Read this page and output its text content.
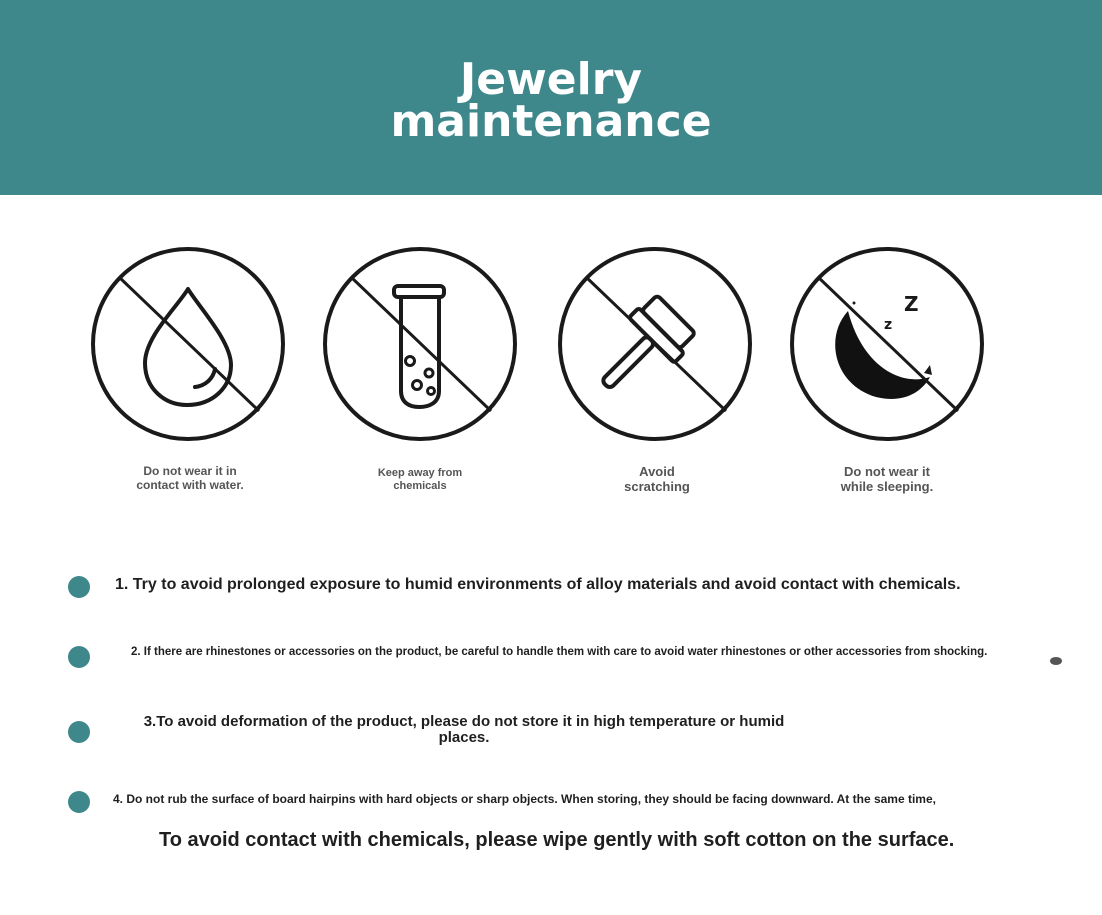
Jewelry
maintenance
Z
z
Do not wear it in
contact with water.
Keep away from
chemicals
Avoid
scratching
Do not wear it
while sleeping.
1. Try to avoid prolonged exposure to humid environments of alloy materials and avoid contact with chemicals.
2. If there are rhinestones or accessories on the product, be careful to handle them with care to avoid water rhinestones or other accessories from shocking.
3.To avoid deformation of the product, please do not store it in high temperature or humid
places.
4. Do not rub the surface of board hairpins with hard objects or sharp objects. When storing, they should be facing downward. At the same time,
To avoid contact with chemicals, please wipe gently with soft cotton on the surface.
